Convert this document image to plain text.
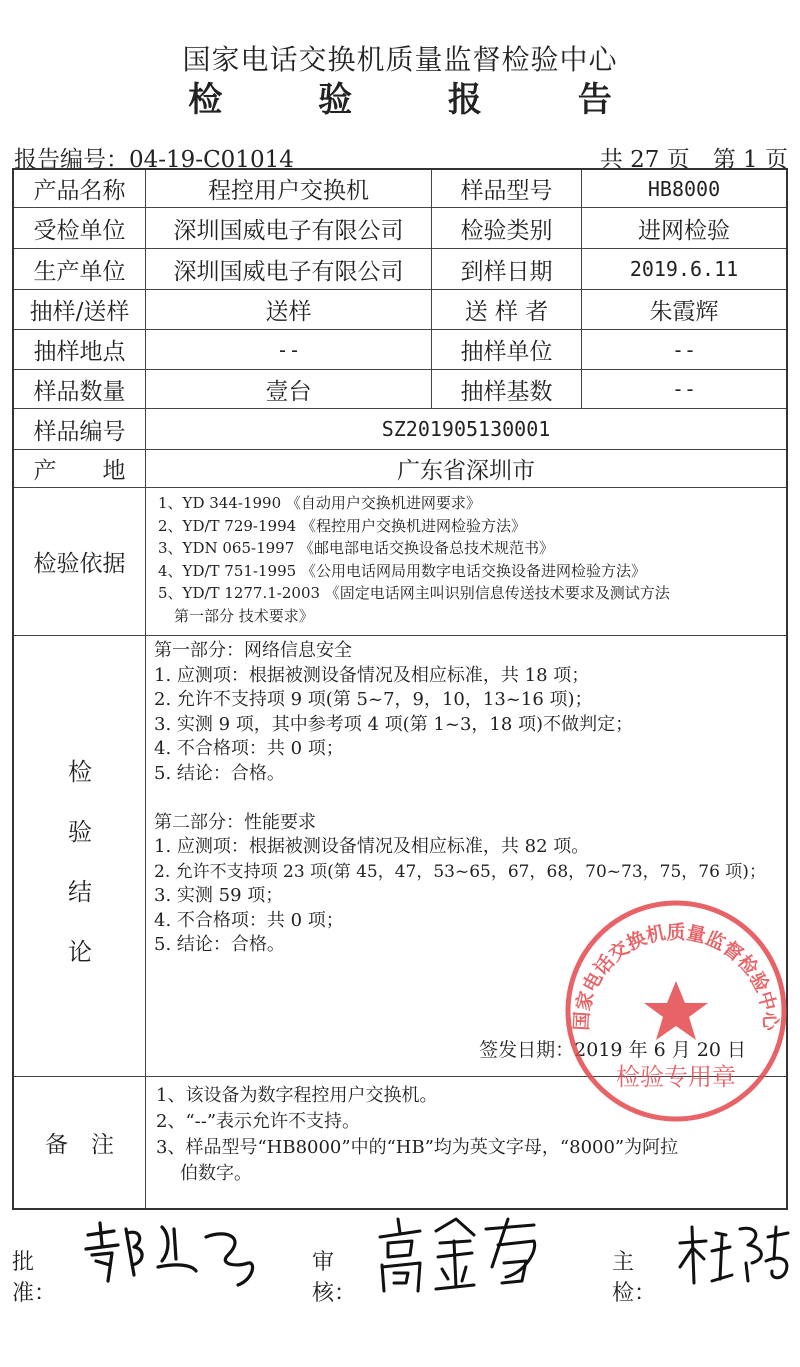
国家电话交换机质量监督检验中心
检 验 报 告
报告编号：04-19-C01014	共 27 页　第 1 页
产品名称	程控用户交换机	样品型号	HB8000
受检单位	深圳国威电子有限公司	检验类别	进网检验
生产单位	深圳国威电子有限公司	到样日期	2019.6.11
抽样/送样	送样	送 样 者	朱霞辉
抽样地点	--	抽样单位	--
样品数量	壹台	抽样基数	--
样品编号	SZ201905130001
产　　地	广东省深圳市
检验依据
1、YD 344-1990 《自动用户交换机进网要求》
2、YD/T 729-1994 《程控用户交换机进网检验方法》
3、YDN 065-1997 《邮电部电话交换设备总技术规范书》
4、YD/T 751-1995 《公用电话网局用数字电话交换设备进网检验方法》
5、YD/T 1277.1-2003 《固定电话网主叫识别信息传送技术要求及测试方法
第一部分 技术要求》
检
验
结
论
第一部分：网络信息安全
1. 应测项：根据被测设备情况及相应标准，共 18 项；
2. 允许不支持项 9 项(第 5~7，9，10，13~16 项)；
3. 实测 9 项，其中参考项 4 项(第 1~3，18 项)不做判定；
4. 不合格项：共 0 项；
5. 结论：合格。
第二部分：性能要求
1. 应测项：根据被测设备情况及相应标准，共 82 项。
2. 允许不支持项 23 项(第 45，47，53~65，67，68，70~73，75，76 项)；
3. 实测 59 项；
4. 不合格项：共 0 项；
5. 结论：合格。
签发日期：2019 年 6 月 20 日
备　注
1、该设备为数字程控用户交换机。
2、“--”表示允许不支持。
3、样品型号“HB8000”中的“HB”均为英文字母，“8000”为阿拉
伯数字。
国家电话交换机质量监督检验中心
检验专用章
批准：
审核：
主检：
